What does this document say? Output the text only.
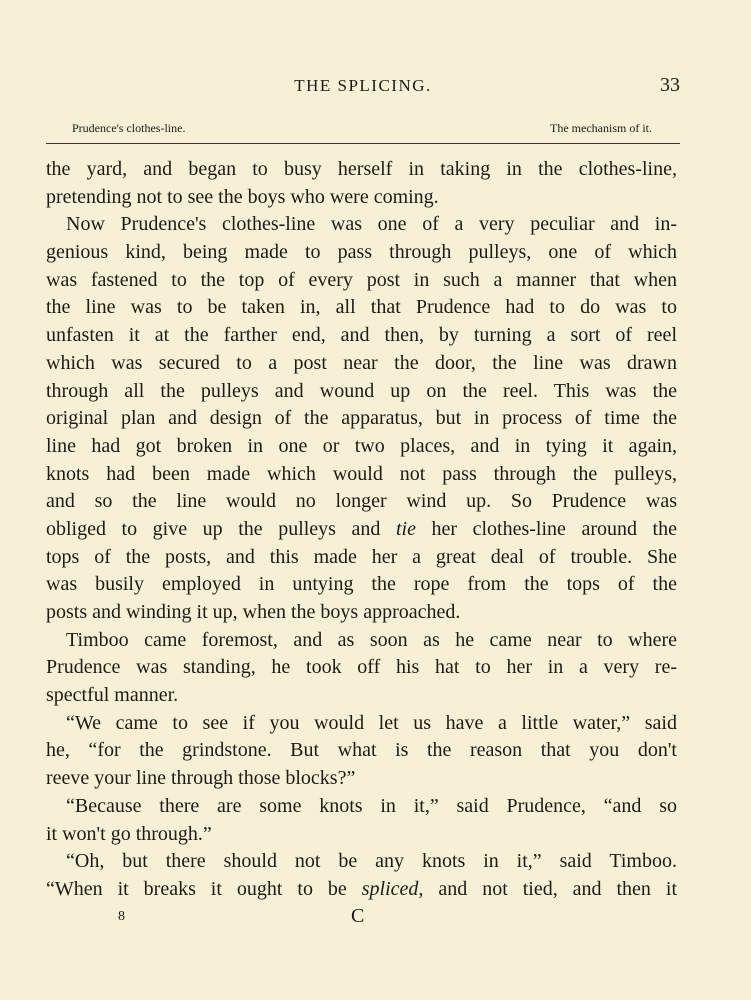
THE SPLICING.	33
Prudence's clothes-line.	The mechanism of it.
the yard, and began to busy herself in taking in the clothes-line,
pretending not to see the boys who were coming.
Now Prudence's clothes-line was one of a very peculiar and in-
genious kind, being made to pass through pulleys, one of which
was fastened to the top of every post in such a manner that when
the line was to be taken in, all that Prudence had to do was to
unfasten it at the farther end, and then, by turning a sort of reel
which was secured to a post near the door, the line was drawn
through all the pulleys and wound up on the reel. This was the
original plan and design of the apparatus, but in process of time the
line had got broken in one or two places, and in tying it again,
knots had been made which would not pass through the pulleys,
and so the line would no longer wind up. So Prudence was
obliged to give up the pulleys and tie her clothes-line around the
tops of the posts, and this made her a great deal of trouble. She
was busily employed in untying the rope from the tops of the
posts and winding it up, when the boys approached.
Timboo came foremost, and as soon as he came near to where
Prudence was standing, he took off his hat to her in a very re-
spectful manner.
“We came to see if you would let us have a little water,” said
he, “for the grindstone. But what is the reason that you don't
reeve your line through those blocks?”
“Because there are some knots in it,” said Prudence, “and so
it won't go through.”
“Oh, but there should not be any knots in it,” said Timboo.
“When it breaks it ought to be spliced, and not tied, and then it
8	C
